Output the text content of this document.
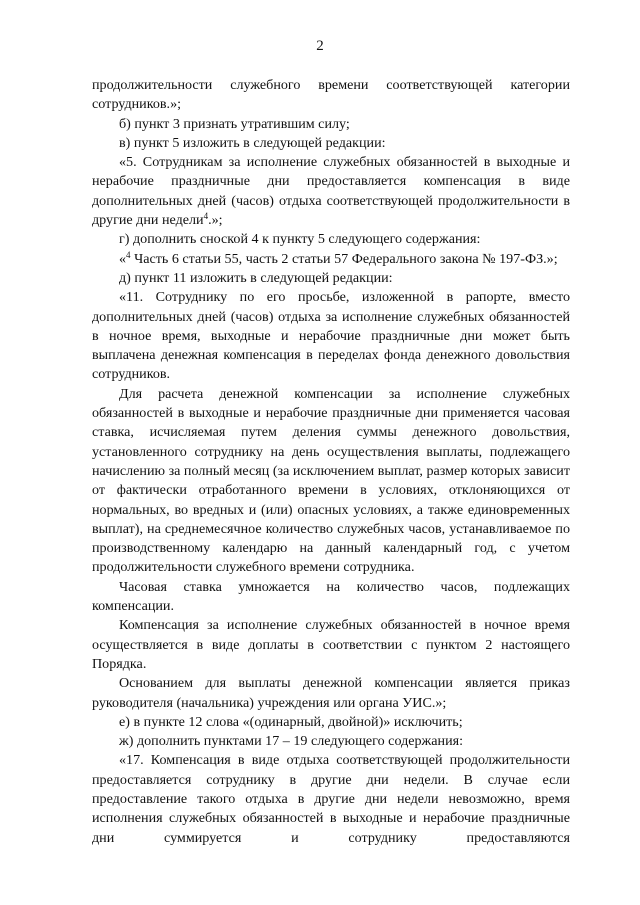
2

продолжительности служебного времени соответствующей категории сотрудников.»;

б) пункт 3 признать утратившим силу;

в) пункт 5 изложить в следующей редакции:

«5. Сотрудникам за исполнение служебных обязанностей в выходные и нерабочие праздничные дни предоставляется компенсация в виде дополнительных дней (часов) отдыха соответствующей продолжительности в другие дни недели$^4$.»;

г) дополнить сноской 4 к пункту 5 следующего содержания:

«$^4$ Часть 6 статьи 55, часть 2 статьи 57 Федерального закона № 197-ФЗ.»;

д) пункт 11 изложить в следующей редакции:

«11. Сотруднику по его просьбе, изложенной в рапорте, вместо дополнительных дней (часов) отдыха за исполнение служебных обязанностей в ночное время, выходные и нерабочие праздничные дни может быть выплачена денежная компенсация в переделах фонда денежного довольствия сотрудников.

Для расчета денежной компенсации за исполнение служебных обязанностей в выходные и нерабочие праздничные дни применяется часовая ставка, исчисляемая путем деления суммы денежного довольствия, установленного сотруднику на день осуществления выплаты, подлежащего начислению за полный месяц (за исключением выплат, размер которых зависит от фактически отработанного времени в условиях, отклоняющихся от нормальных, во вредных и (или) опасных условиях, а также единовременных выплат), на среднемесячное количество служебных часов, устанавливаемое по производственному календарю на данный календарный год, с учетом продолжительности служебного времени сотрудника.

Часовая ставка умножается на количество часов, подлежащих компенсации.

Компенсация за исполнение служебных обязанностей в ночное время осуществляется в виде доплаты в соответствии с пунктом 2 настоящего Порядка.

Основанием для выплаты денежной компенсации является приказ руководителя (начальника) учреждения или органа УИС.»;

е) в пункте 12 слова «(одинарный, двойной)» исключить;

ж) дополнить пунктами 17 – 19 следующего содержания:

«17. Компенсация в виде отдыха соответствующей продолжительности предоставляется сотруднику в другие дни недели. В случае если предоставление такого отдыха в другие дни недели невозможно, время исполнения служебных обязанностей в выходные и нерабочие праздничные дни суммируется и сотруднику предоставляются
